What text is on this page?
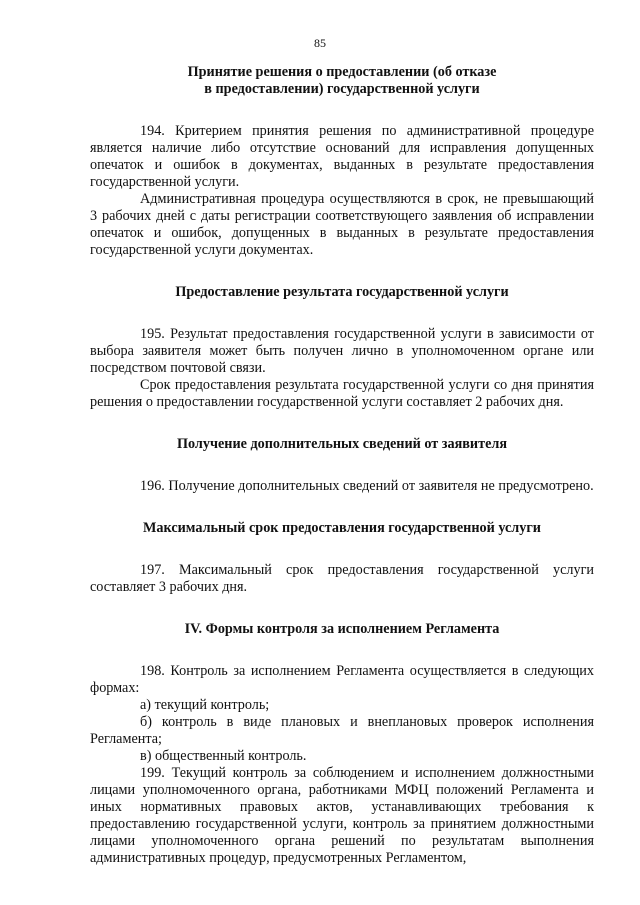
85
Принятие решения о предоставлении (об отказе
в предоставлении) государственной услуги

194. Критерием принятия решения по административной процедуре является наличие либо отсутствие оснований для исправления допущенных опечаток и ошибок в документах, выданных в результате предоставления государственной услуги.

Административная процедура осуществляются в срок, не превышающий 3 рабочих дней с даты регистрации соответствующего заявления об исправлении опечаток и ошибок, допущенных в выданных в результате предоставления государственной услуги документах.

Предоставление результата государственной услуги

195. Результат предоставления государственной услуги в зависимости от выбора заявителя может быть получен лично в уполномоченном органе или посредством почтовой связи.

Срок предоставления результата государственной услуги со дня принятия решения о предоставлении государственной услуги составляет 2 рабочих дня.

Получение дополнительных сведений от заявителя

196. Получение дополнительных сведений от заявителя не предусмотрено.

Максимальный срок предоставления государственной услуги

197. Максимальный срок предоставления государственной услуги составляет 3 рабочих дня.

IV. Формы контроля за исполнением Регламента

198. Контроль за исполнением Регламента осуществляется в следующих формах:

а) текущий контроль;

б) контроль в виде плановых и внеплановых проверок исполнения Регламента;

в) общественный контроль.

199. Текущий контроль за соблюдением и исполнением должностными лицами уполномоченного органа, работниками МФЦ положений Регламента и иных нормативных правовых актов, устанавливающих требования к предоставлению государственной услуги, контроль за принятием должностными лицами уполномоченного органа решений по результатам выполнения административных процедур, предусмотренных Регламентом,
